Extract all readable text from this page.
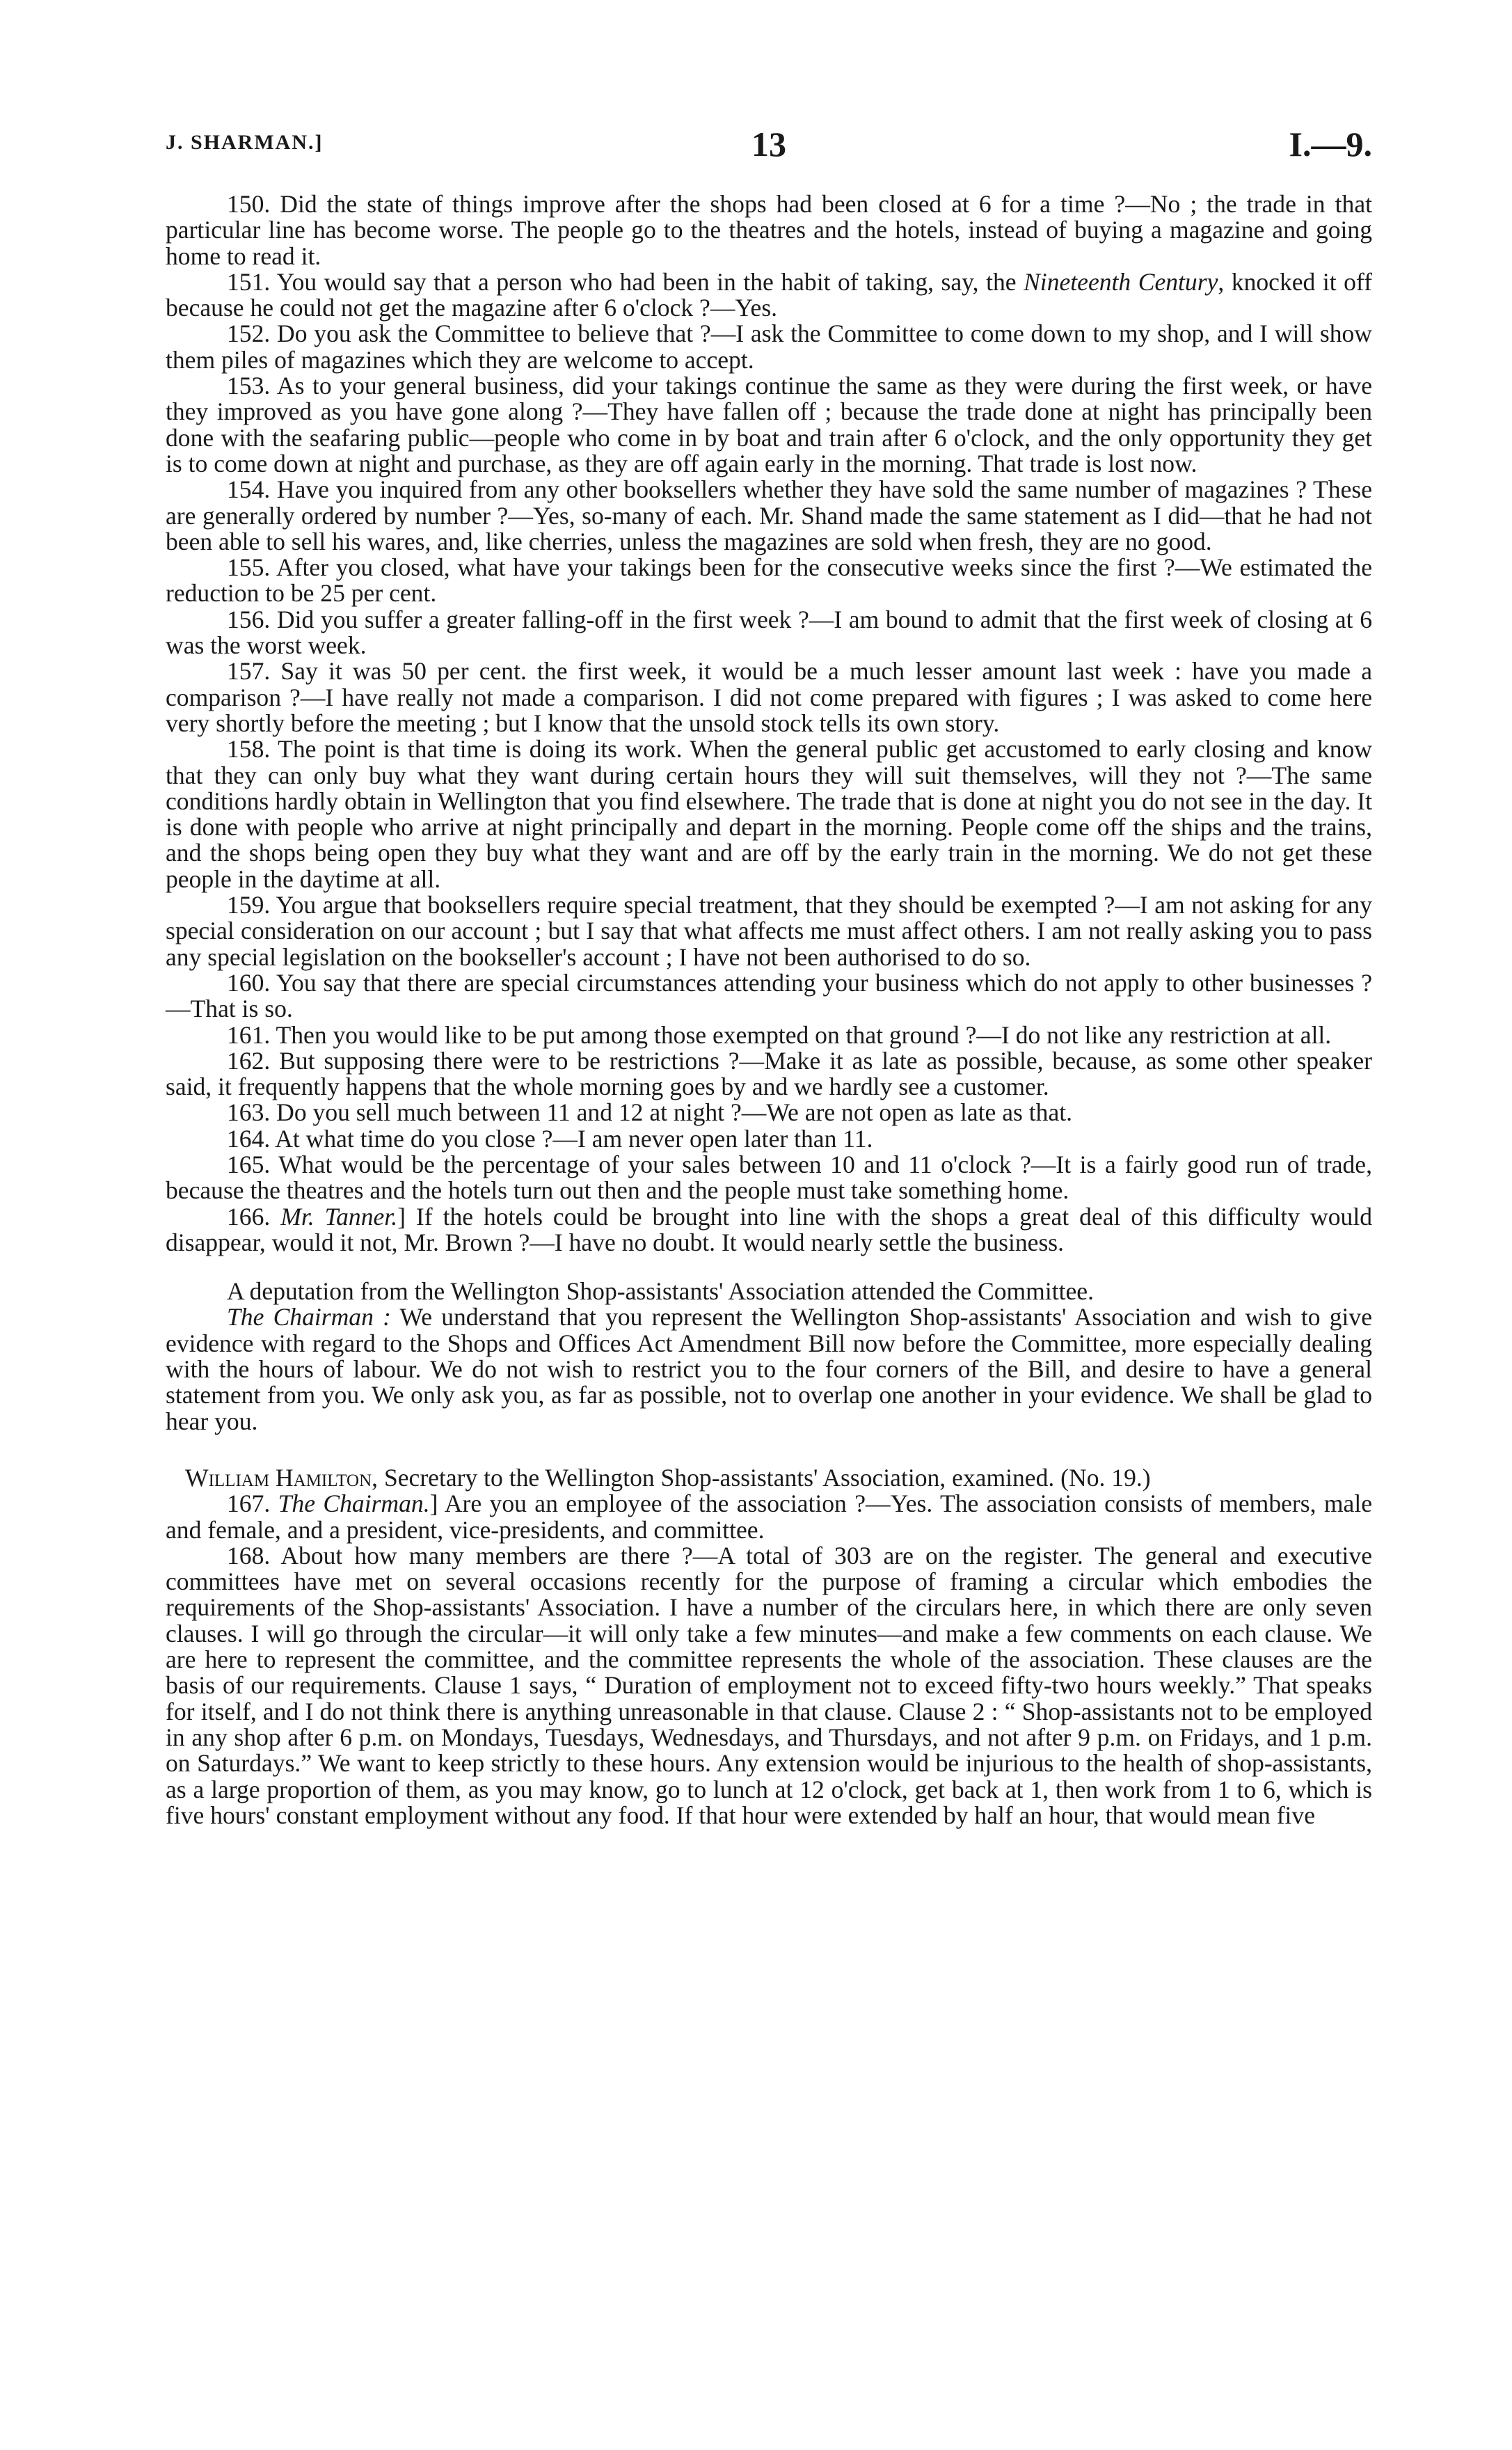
J. SHARMAN.]	13	I.—9.

150. Did the state of things improve after the shops had been closed at 6 for a time ?—No ; the trade in that particular line has become worse. The people go to the theatres and the hotels, instead of buying a magazine and going home to read it.

151. You would say that a person who had been in the habit of taking, say, the Nineteenth Century, knocked it off because he could not get the magazine after 6 o'clock ?—Yes.

152. Do you ask the Committee to believe that ?—I ask the Committee to come down to my shop, and I will show them piles of magazines which they are welcome to accept.

153. As to your general business, did your takings continue the same as they were during the first week, or have they improved as you have gone along ?—They have fallen off ; because the trade done at night has principally been done with the seafaring public—people who come in by boat and train after 6 o'clock, and the only opportunity they get is to come down at night and purchase, as they are off again early in the morning. That trade is lost now.

154. Have you inquired from any other booksellers whether they have sold the same number of magazines ? These are generally ordered by number ?—Yes, so-many of each. Mr. Shand made the same statement as I did—that he had not been able to sell his wares, and, like cherries, unless the magazines are sold when fresh, they are no good.

155. After you closed, what have your takings been for the consecutive weeks since the first ?—We estimated the reduction to be 25 per cent.

156. Did you suffer a greater falling-off in the first week ?—I am bound to admit that the first week of closing at 6 was the worst week.

157. Say it was 50 per cent. the first week, it would be a much lesser amount last week : have you made a comparison ?—I have really not made a comparison. I did not come prepared with figures ; I was asked to come here very shortly before the meeting ; but I know that the unsold stock tells its own story.

158. The point is that time is doing its work. When the general public get accustomed to early closing and know that they can only buy what they want during certain hours they will suit themselves, will they not ?—The same conditions hardly obtain in Wellington that you find elsewhere. The trade that is done at night you do not see in the day. It is done with people who arrive at night principally and depart in the morning. People come off the ships and the trains, and the shops being open they buy what they want and are off by the early train in the morning. We do not get these people in the daytime at all.

159. You argue that booksellers require special treatment, that they should be exempted ?—I am not asking for any special consideration on our account ; but I say that what affects me must affect others. I am not really asking you to pass any special legislation on the bookseller's account ; I have not been authorised to do so.

160. You say that there are special circumstances attending your business which do not apply to other businesses ?—That is so.

161. Then you would like to be put among those exempted on that ground ?—I do not like any restriction at all.

162. But supposing there were to be restrictions ?—Make it as late as possible, because, as some other speaker said, it frequently happens that the whole morning goes by and we hardly see a customer.

163. Do you sell much between 11 and 12 at night ?—We are not open as late as that.

164. At what time do you close ?—I am never open later than 11.

165. What would be the percentage of your sales between 10 and 11 o'clock ?—It is a fairly good run of trade, because the theatres and the hotels turn out then and the people must take something home.

166. Mr. Tanner.] If the hotels could be brought into line with the shops a great deal of this difficulty would disappear, would it not, Mr. Brown ?—I have no doubt. It would nearly settle the business.

A deputation from the Wellington Shop-assistants' Association attended the Committee.

The Chairman : We understand that you represent the Wellington Shop-assistants' Association and wish to give evidence with regard to the Shops and Offices Act Amendment Bill now before the Committee, more especially dealing with the hours of labour. We do not wish to restrict you to the four corners of the Bill, and desire to have a general statement from you. We only ask you, as far as possible, not to overlap one another in your evidence. We shall be glad to hear you.

William Hamilton, Secretary to the Wellington Shop-assistants' Association, examined. (No. 19.)

167. The Chairman.] Are you an employee of the association ?—Yes. The association consists of members, male and female, and a president, vice-presidents, and committee.

168. About how many members are there ?—A total of 303 are on the register. The general and executive committees have met on several occasions recently for the purpose of framing a circular which embodies the requirements of the Shop-assistants' Association. I have a number of the circulars here, in which there are only seven clauses. I will go through the circular—it will only take a few minutes—and make a few comments on each clause. We are here to represent the committee, and the committee represents the whole of the association. These clauses are the basis of our requirements. Clause 1 says, “ Duration of employment not to exceed fifty-two hours weekly.” That speaks for itself, and I do not think there is anything unreasonable in that clause. Clause 2 : “ Shop-assistants not to be employed in any shop after 6 p.m. on Mondays, Tuesdays, Wednesdays, and Thursdays, and not after 9 p.m. on Fridays, and 1 p.m. on Saturdays.” We want to keep strictly to these hours. Any extension would be injurious to the health of shop-assistants, as a large proportion of them, as you may know, go to lunch at 12 o'clock, get back at 1, then work from 1 to 6, which is five hours' constant employment without any food. If that hour were extended by half an hour, that would mean five
